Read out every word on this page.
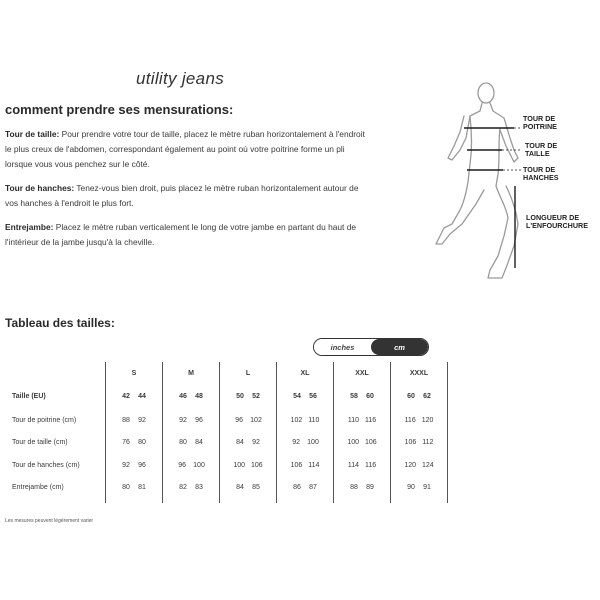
utility jeans
comment prendre ses mensurations:

Tour de taille: Pour prendre votre tour de taille, placez le mètre ruban horizontalement à l'endroit le plus creux de l'abdomen, correspondant également au point où votre poitrine forme un pli lorsque vous vous penchez sur le côté.

Tour de hanches: Tenez-vous bien droit, puis placez le mètre ruban horizontalement autour de vos hanches à l'endroit le plus fort.

Entrejambe: Placez le mètre ruban verticalement le long de votre jambe en partant du haut de l'intérieur de la jambe jusqu'à la cheville.

TOUR DE
POITRINE
TOUR DE
TAILLE
TOUR DE
HANCHES
LONGUEUR DE
L'ENFOURCHURE
Tableau des tailles:
inches	cm
	S	M	L	XL	XXL	XXXL
Taille (EU)	42 44	46 48	50 52	54 56	58 60	60 62

Tour de poitrine (cm)	88 92	92 96	96 102	102 110	110 116	116 120

Tour de taille (cm)	76 80	80 84	84 92	92 100	100 106	106 112

Tour de hanches (cm)	92 96	96 100	100 106	106 114	114 116	120 124

Entrejambe (cm)	80 81	82 83	84 85	86 87	88 89	90 91

Les mesures peuvent légèrement varier
